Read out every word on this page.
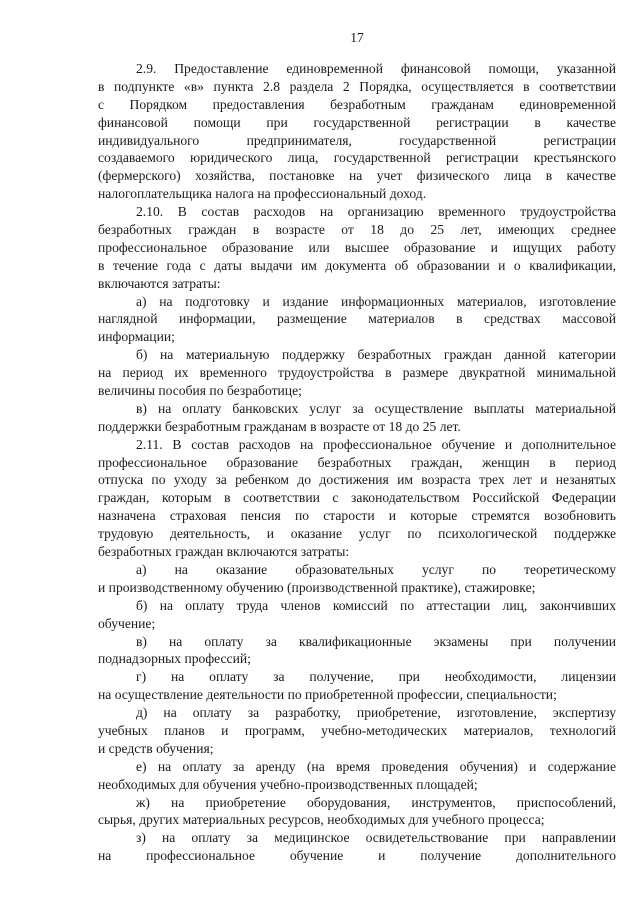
17
2.9. Предоставление единовременной финансовой помощи, указанной
в подпункте «в» пункта 2.8 раздела 2 Порядка, осуществляется в соответствии
с Порядком предоставления безработным гражданам единовременной
финансовой помощи при государственной регистрации в качестве
индивидуального предпринимателя, государственной регистрации
создаваемого юридического лица, государственной регистрации крестьянского
(фермерского) хозяйства, постановке на учет физического лица в качестве
налогоплательщика налога на профессиональный доход.
2.10. В состав расходов на организацию временного трудоустройства
безработных граждан в возрасте от 18 до 25 лет, имеющих среднее
профессиональное образование или высшее образование и ищущих работу
в течение года с даты выдачи им документа об образовании и о квалификации,
включаются затраты:
а) на подготовку и издание информационных материалов, изготовление
наглядной информации, размещение материалов в средствах массовой
информации;
б) на материальную поддержку безработных граждан данной категории
на период их временного трудоустройства в размере двукратной минимальной
величины пособия по безработице;
в) на оплату банковских услуг за осуществление выплаты материальной
поддержки безработным гражданам в возрасте от 18 до 25 лет.
2.11. В состав расходов на профессиональное обучение и дополнительное
профессиональное образование безработных граждан, женщин в период
отпуска по уходу за ребенком до достижения им возраста трех лет и незанятых
граждан, которым в соответствии с законодательством Российской Федерации
назначена страховая пенсия по старости и которые стремятся возобновить
трудовую деятельность, и оказание услуг по психологической поддержке
безработных граждан включаются затраты:
а) на оказание образовательных услуг по теоретическому
и производственному обучению (производственной практике), стажировке;
б) на оплату труда членов комиссий по аттестации лиц, закончивших
обучение;
в) на оплату за квалификационные экзамены при получении
поднадзорных профессий;
г) на оплату за получение, при необходимости, лицензии
на осуществление деятельности по приобретенной профессии, специальности;
д) на оплату за разработку, приобретение, изготовление, экспертизу
учебных планов и программ, учебно-методических материалов, технологий
и средств обучения;
е) на оплату за аренду (на время проведения обучения) и содержание
необходимых для обучения учебно-производственных площадей;
ж) на приобретение оборудования, инструментов, приспособлений,
сырья, других материальных ресурсов, необходимых для учебного процесса;
з) на оплату за медицинское освидетельствование при направлении
на профессиональное обучение и получение дополнительного
